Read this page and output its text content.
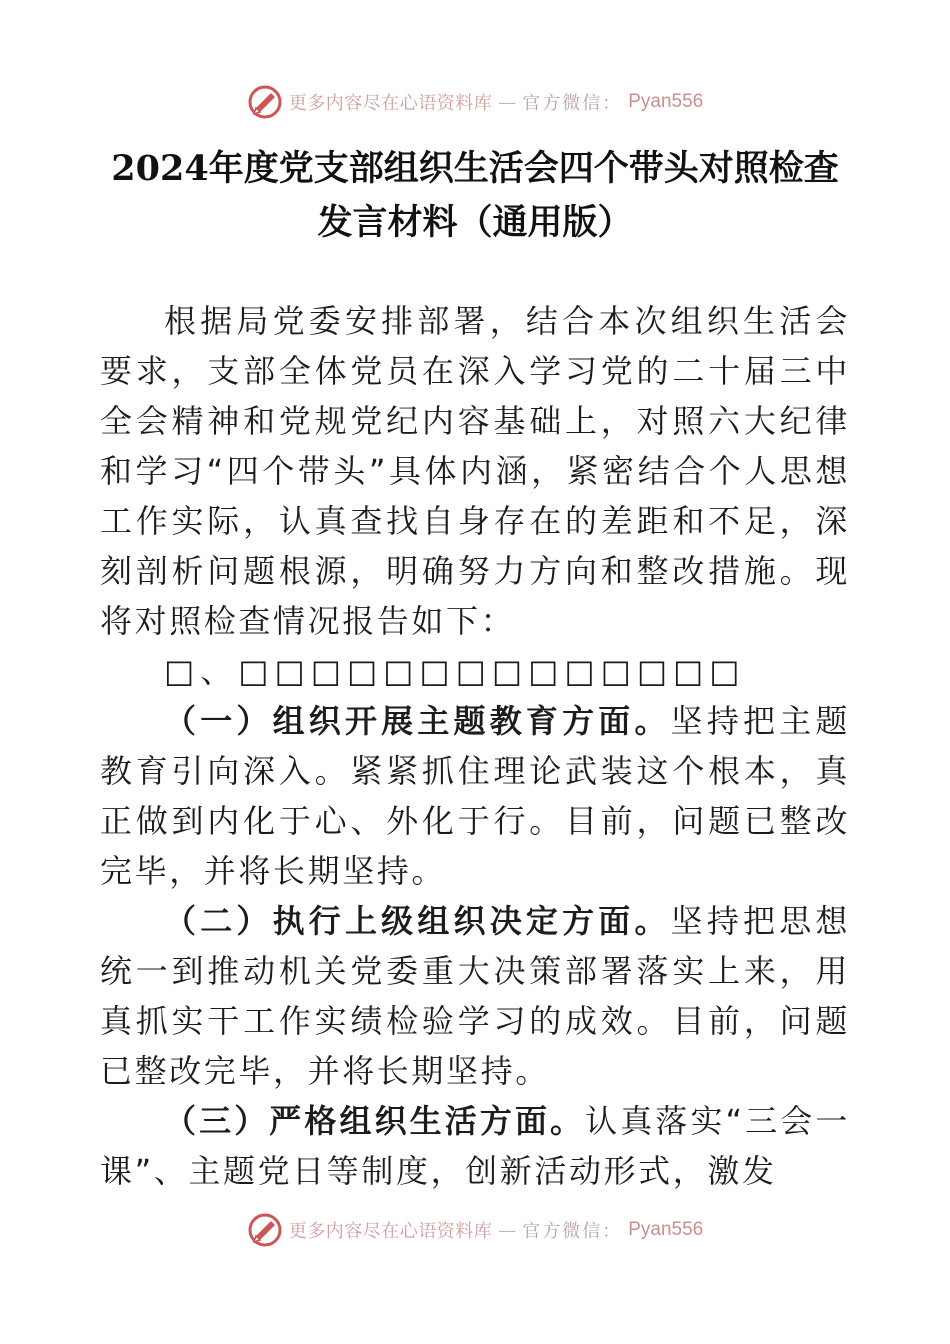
更多内容尽在心语资料库 — 官方微信： Pyan556
2024年度党支部组织生活会四个带头对照检查发言材料（通用版）

根据局党委安排部署，结合本次组织生活会要求，支部全体党员在深入学习党的二十届三中全会精神和党规党纪内容基础上，对照六大纪律和学习“四个带头”具体内涵，紧密结合个人思想工作实际，认真查找自身存在的差距和不足，深刻剖析问题根源，明确努力方向和整改措施。现将对照检查情况报告如下：

□、□□□□□□□□□□□□□□

（一）组织开展主题教育方面。坚持把主题教育引向深入。紧紧抓住理论武装这个根本，真正做到内化于心、外化于行。目前，问题已整改完毕，并将长期坚持。

（二）执行上级组织决定方面。坚持把思想统一到推动机关党委重大决策部署落实上来，用真抓实干工作实绩检验学习的成效。目前，问题已整改完毕，并将长期坚持。

（三）严格组织生活方面。认真落实“三会一课”、主题党日等制度，创新活动形式，激发

更多内容尽在心语资料库 — 官方微信： Pyan556
